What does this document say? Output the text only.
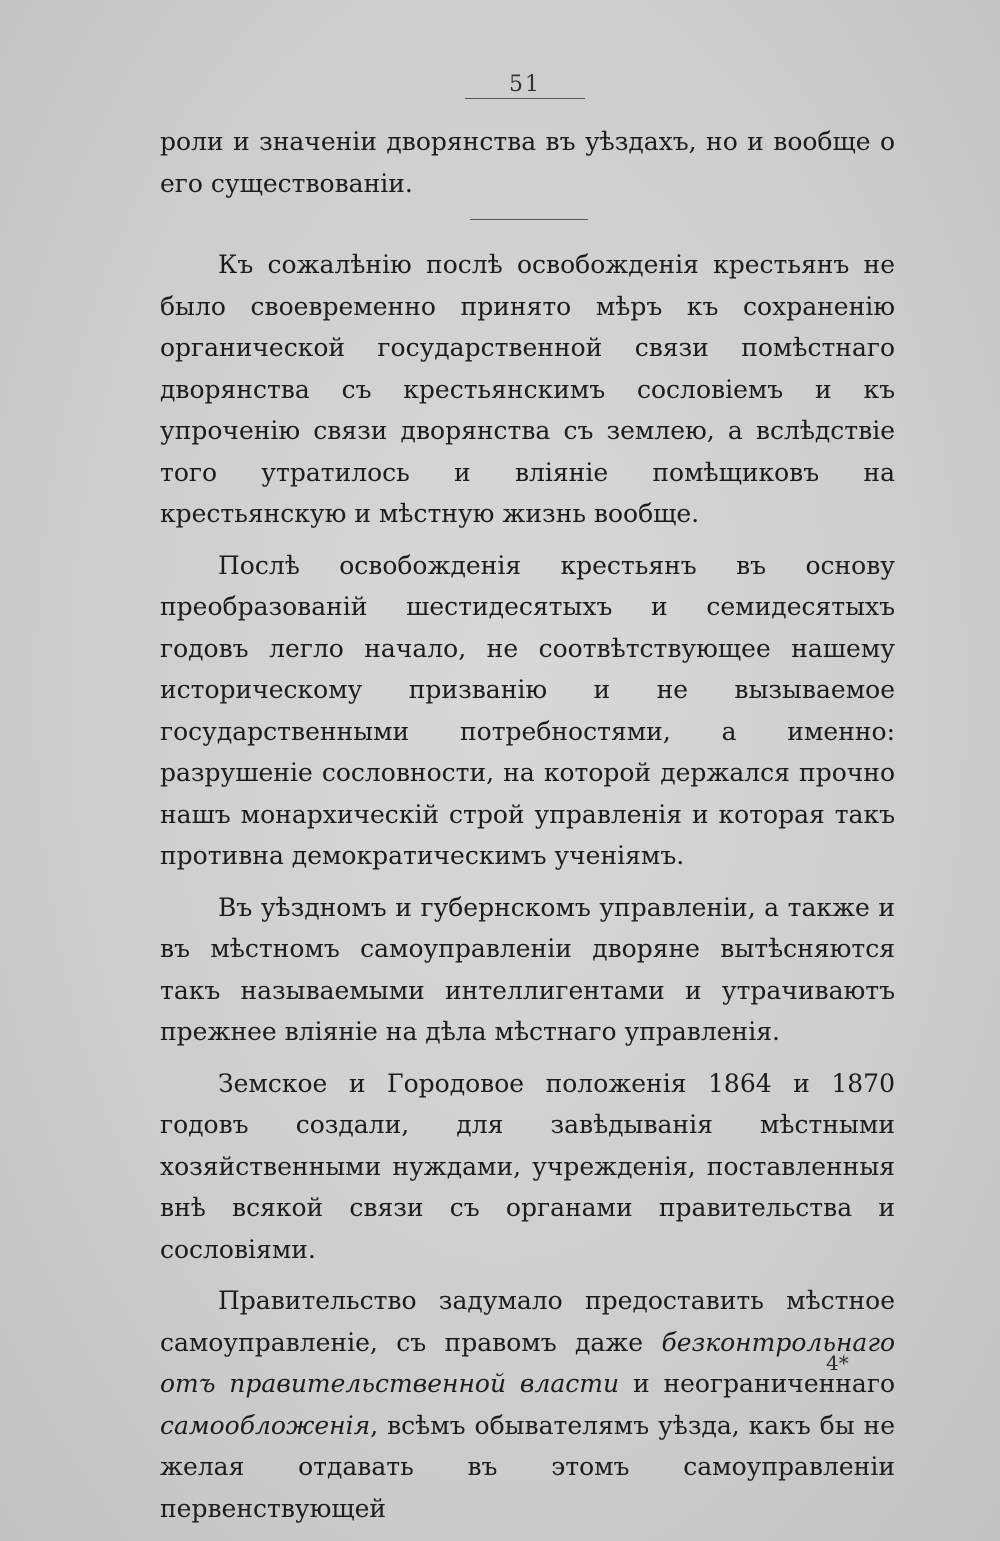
51

роли и значенiи дворянства въ уѣздахъ, но и вообще о его существованiи.

Къ сожалѣнiю послѣ освобожденiя крестьянъ не было своевременно принято мѣръ къ сохраненiю органической государственной связи помѣстнаго дворянства съ крестьянскимъ сословiемъ и къ упроченiю связи дворянства съ землею, а вслѣдствiе того утратилось и влiянiе помѣщиковъ на крестьянскую и мѣстную жизнь вообще.

Послѣ освобожденiя крестьянъ въ основу преобразованiй шестидесятыхъ и семидесятыхъ годовъ легло начало, не соотвѣтствующее нашему историческому призванiю и не вызываемое государственными потребностями, а именно: разрушенiе сословности, на которой держался прочно нашъ монархическiй строй управленiя и которая такъ противна демократическимъ ученiямъ.

Въ уѣздномъ и губернскомъ управленiи, а также и въ мѣстномъ самоуправленiи дворяне вытѣсняются такъ называемыми интеллигентами и утрачиваютъ прежнее влiянiе на дѣла мѣстнаго управленiя.

Земское и Городовое положенiя 1864 и 1870 годовъ создали, для завѣдыванiя мѣстными хозяйственными нуждами, учрежденiя, поставленныя внѣ всякой связи съ органами правительства и сословiями.

Правительство задумало предоставить мѣстное самоуправленiе, съ правомъ даже безконтрольнаго отъ правительственной власти и неограниченнаго самообложенiя, всѣмъ обывателямъ уѣзда, какъ бы не желая отдавать въ этомъ самоуправленiи первенствующей

4*
